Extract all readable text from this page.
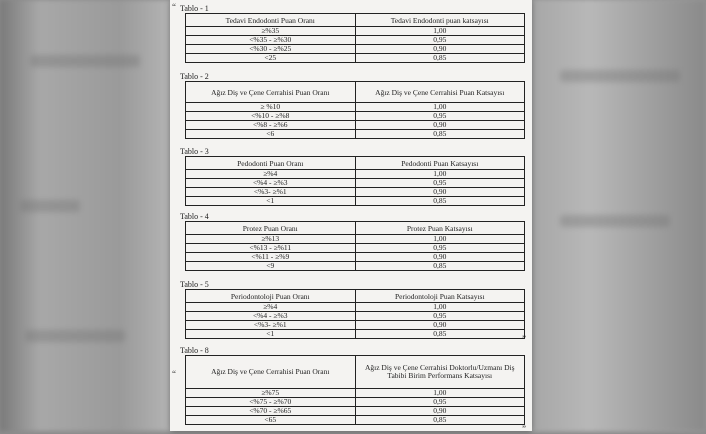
“
”
“
”
Tablo - 1
Tedavi Endodonti Puan Oranı	Tedavi Endodonti puan katsayısı
≥%35	1,00
<%35 - ≥%30	0,95
<%30 - ≥%25	0,90
<25	0,85
Tablo - 2
Ağız Diş ve Çene Cerrahisi Puan Oranı	Ağız Diş ve Çene Cerrahisi Puan Katsayısı
≥ %10	1,00
<%10 - ≥%8	0,95
<%8 - ≥%6	0,90
<6	0,85
Tablo - 3
Pedodonti Puan Oranı	Pedodonti Puan Katsayısı
≥%4	1,00
<%4 - ≥%3	0,95
<%3- ≥%1	0,90
<1	0,85
Tablo - 4
Protez Puan Oranı	Protez Puan Katsayısı
≥%13	1,00
<%13 - ≥%11	0,95
<%11 - ≥%9	0,90
<9	0,85
Tablo - 5
Periodontoloji Puan Oranı	Periodontoloji Puan Katsayısı
≥%4	1,00
<%4 - ≥%3	0,95
<%3- ≥%1	0,90
<1	0,85
Tablo - 8
Ağız Diş ve Çene Cerrahisi Puan Oranı	Ağız Diş ve Çene Cerrahisi Doktorlu/Uzmanı Diş Tabibi Birim Performans Katsayısı
≥%75	1,00
<%75 - ≥%70	0,95
<%70 - ≥%65	0,90
<65	0,85
